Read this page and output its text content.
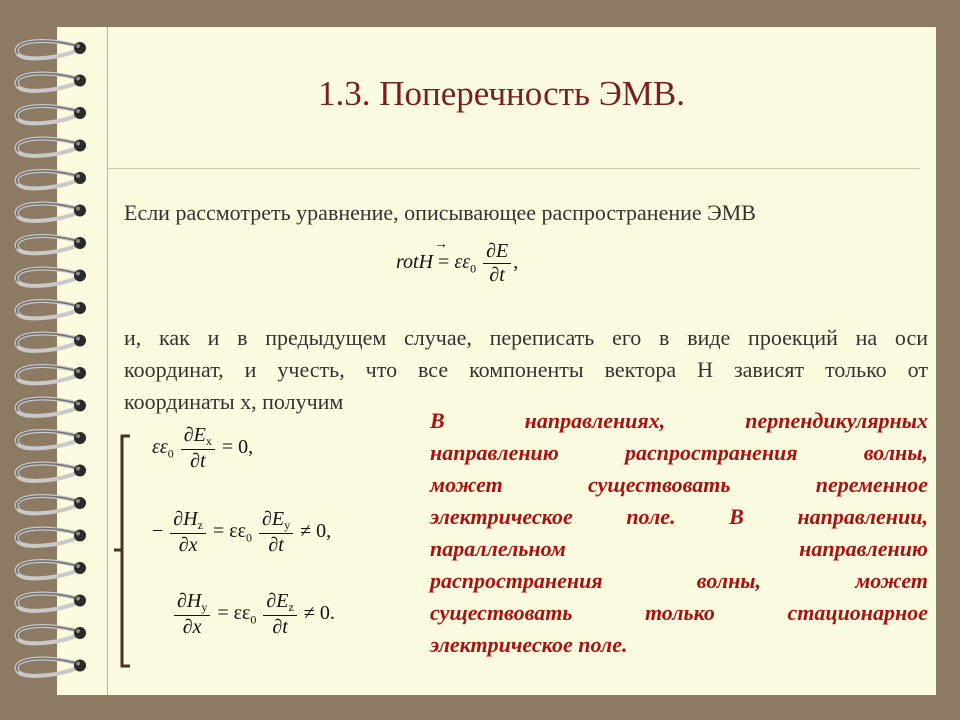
1.3. Поперечность ЭМВ.
Если рассмотреть уравнение, описывающее распространение ЭМВ
→
rotH = $\varepsilon\varepsilon_0 \frac{\partial E}{\partial t}$ ,
и, как и в предыдущем случае, переписать его в виде проекций на оси
координат, и учесть, что все компоненты вектора Н зависят только от
координаты х, получим
$\varepsilon\varepsilon_0 \frac{\partial E_x}{\partial t} = 0$,
− $\frac{\partial H_z}{\partial x} = \varepsilon\varepsilon_0 \frac{\partial E_y}{\partial t} \ne 0$,
$\frac{\partial H_y}{\partial x} = \varepsilon\varepsilon_0 \frac{\partial E_z}{\partial t} \ne 0$.
В направлениях, перпендикулярных
направлению распространения волны,
может существовать переменное
электрическое поле. В направлении,
параллельном направлению
распространения волны, может
существовать только стационарное
электрическое поле.
